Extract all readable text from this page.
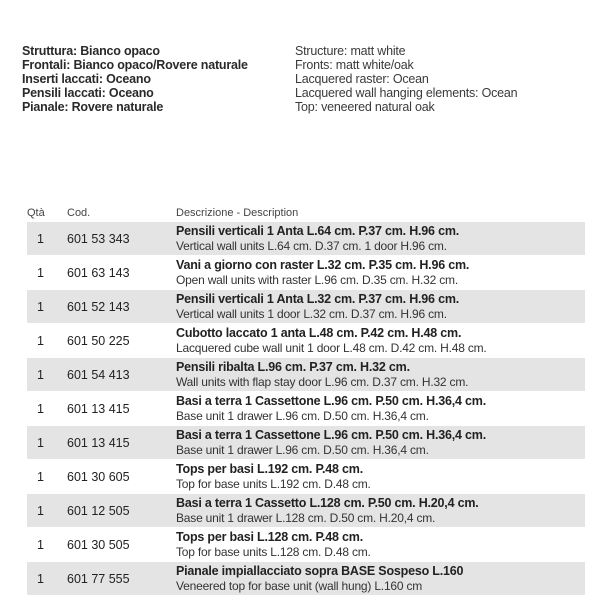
Struttura: Bianco opaco	Structure: matt white
Frontali: Bianco opaco/Rovere naturale	Fronts: matt white/oak
Inserti laccati: Oceano	Lacquered raster: Ocean
Pensili laccati: Oceano	Lacquered wall hanging elements: Ocean
Pianale: Rovere naturale	Top: veneered natural oak
Qtà	Cod.	Descrizione - Description
1	601 53 343
Pensili verticali 1 Anta L.64 cm. P.37 cm. H.96 cm.
Vertical wall units L.64 cm. D.37 cm. 1 door H.96 cm.
1	601 63 143
Vani a giorno con raster L.32 cm. P.35 cm. H.96 cm.
Open wall units with raster L.96 cm. D.35 cm. H.32 cm.
1	601 52 143
Pensili verticali 1 Anta L.32 cm. P.37 cm. H.96 cm.
Vertical wall units 1 door L.32 cm. D.37 cm. H.96 cm.
1	601 50 225
Cubotto laccato 1 anta L.48 cm. P.42 cm. H.48 cm.
Lacquered cube wall unit 1 door L.48 cm. D.42 cm. H.48 cm.
1	601 54 413
Pensili ribalta L.96 cm. P.37 cm. H.32 cm.
Wall units with flap stay door L.96 cm. D.37 cm. H.32 cm.
1	601 13 415
Basi a terra 1 Cassettone L.96 cm. P.50 cm. H.36,4 cm.
Base unit 1 drawer L.96 cm. D.50 cm. H.36,4 cm.
1	601 13 415
Basi a terra 1 Cassettone L.96 cm. P.50 cm. H.36,4 cm.
Base unit 1 drawer L.96 cm. D.50 cm. H.36,4 cm.
1	601 30 605
Tops per basi L.192 cm. P.48 cm.
Top for base units L.192 cm. D.48 cm.
1	601 12 505
Basi a terra 1 Cassetto L.128 cm. P.50 cm. H.20,4 cm.
Base unit 1 drawer L.128 cm. D.50 cm. H.20,4 cm.
1	601 30 505
Tops per basi L.128 cm. P.48 cm.
Top for base units L.128 cm. D.48 cm.
1	601 77 555
Pianale impiallacciato sopra BASE Sospeso L.160
Veneered top for base unit (wall hung) L.160 cm
